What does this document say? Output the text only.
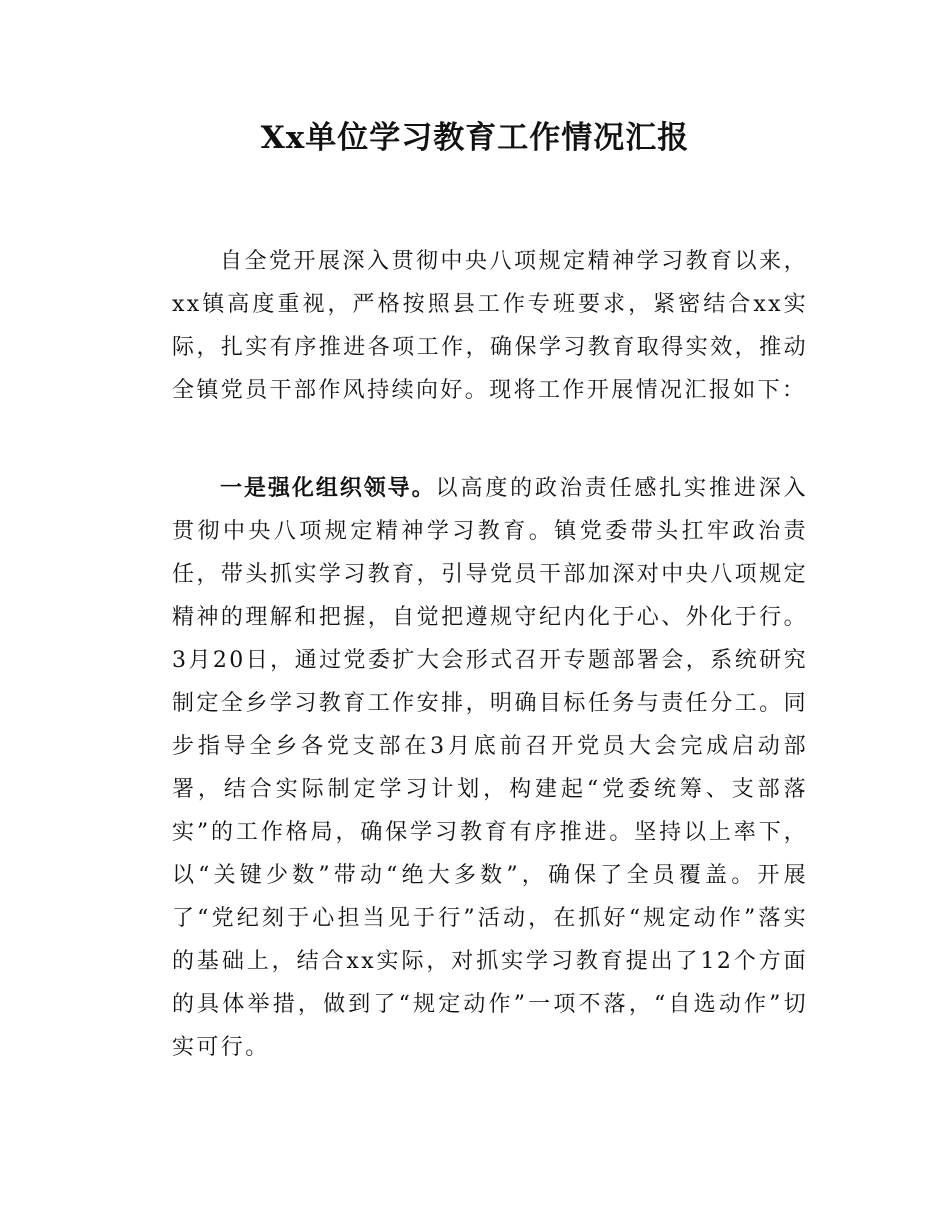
Xx单位学习教育工作情况汇报

自全党开展深入贯彻中央八项规定精神学习教育以来，xx镇高度重视，严格按照县工作专班要求，紧密结合xx实际，扎实有序推进各项工作，确保学习教育取得实效，推动全镇党员干部作风持续向好。现将工作开展情况汇报如下：

一是强化组织领导。以高度的政治责任感扎实推进深入贯彻中央八项规定精神学习教育。镇党委带头扛牢政治责任，带头抓实学习教育，引导党员干部加深对中央八项规定精神的理解和把握，自觉把遵规守纪内化于心、外化于行。3月20日，通过党委扩大会形式召开专题部署会，系统研究制定全乡学习教育工作安排，明确目标任务与责任分工。同步指导全乡各党支部在3月底前召开党员大会完成启动部署，结合实际制定学习计划，构建起“党委统筹、支部落实”的工作格局，确保学习教育有序推进。坚持以上率下，以“关键少数”带动“绝大多数”，确保了全员覆盖。开展了“党纪刻于心担当见于行”活动，在抓好“规定动作”落实的基础上，结合xx实际，对抓实学习教育提出了12个方面的具体举措，做到了“规定动作”一项不落，“自选动作”切实可行。
